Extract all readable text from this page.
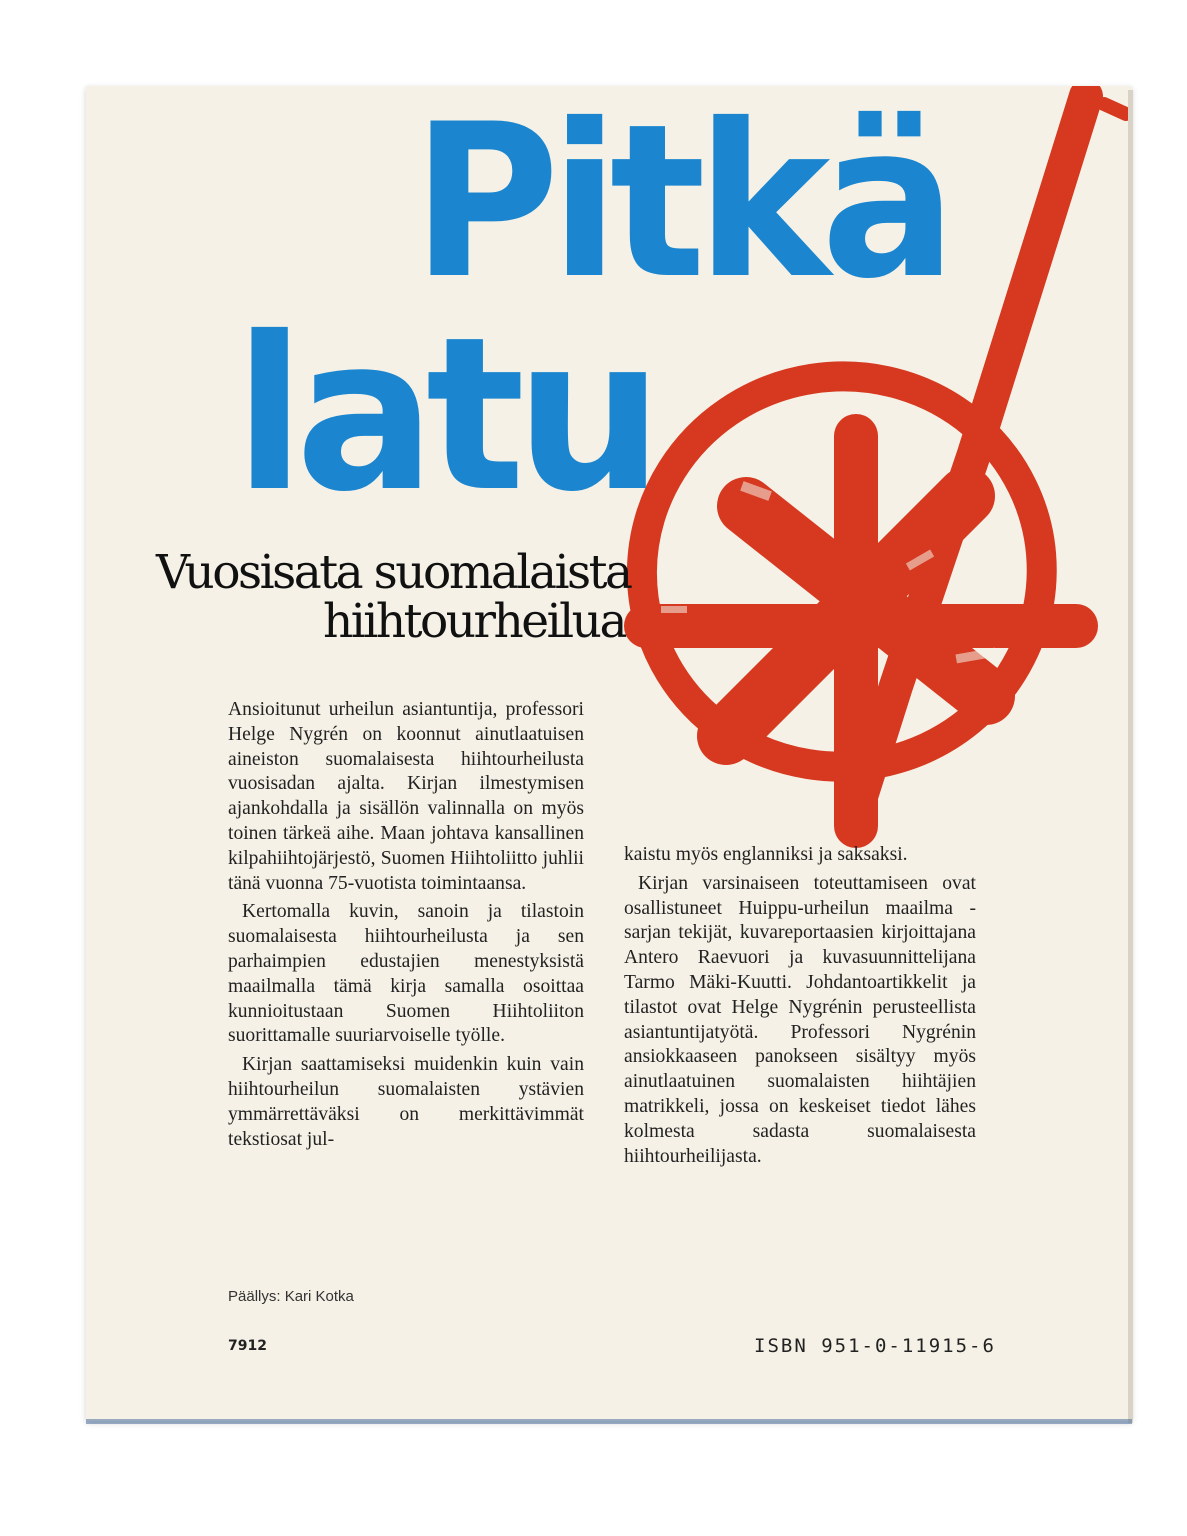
Pitkä
latu
Vuosisata suomalaista
hiihtourheilua

Ansioitunut urheilun asiantuntija, professori Helge Nygrén on koonnut ainutlaatuisen aineiston suomalaisesta hiihtourheilusta vuosisadan ajalta. Kirjan ilmestymisen ajankohdalla ja sisällön valinnalla on myös toinen tärkeä aihe. Maan johtava kansallinen kilpahiihtojärjestö, Suomen Hiihtoliitto juhlii tänä vuonna 75-vuotista toimintaansa.

Kertomalla kuvin, sanoin ja tilastoin suomalaisesta hiihtourheilusta ja sen parhaimpien edustajien menestyksistä maailmalla tämä kirja samalla osoittaa kunnioitustaan Suomen Hiihtoliiton suorittamalle suuriarvoiselle työlle.

Kirjan saattamiseksi muidenkin kuin vain hiihtourheilun suomalaisten ystävien ymmärrettäväksi on merkittävimmät tekstiosat jul-

kaistu myös englanniksi ja saksaksi.

Kirjan varsinaiseen toteuttamiseen ovat osallistuneet Huippu-urheilun maailma -sarjan tekijät, kuvareportaasien kirjoittajana Antero Raevuori ja kuvasuunnittelijana Tarmo Mäki-Kuutti. Johdantoartikkelit ja tilastot ovat Helge Nygrénin perusteellista asiantuntijatyötä. Professori Nygrénin ansiokkaaseen panokseen sisältyy myös ainutlaatuinen suomalaisten hiihtäjien matrikkeli, jossa on keskeiset tiedot lähes kolmesta sadasta suomalaisesta hiihtourheilijasta.

Päällys: Kari Kotka
7912	ISBN 951-0-11915-6
